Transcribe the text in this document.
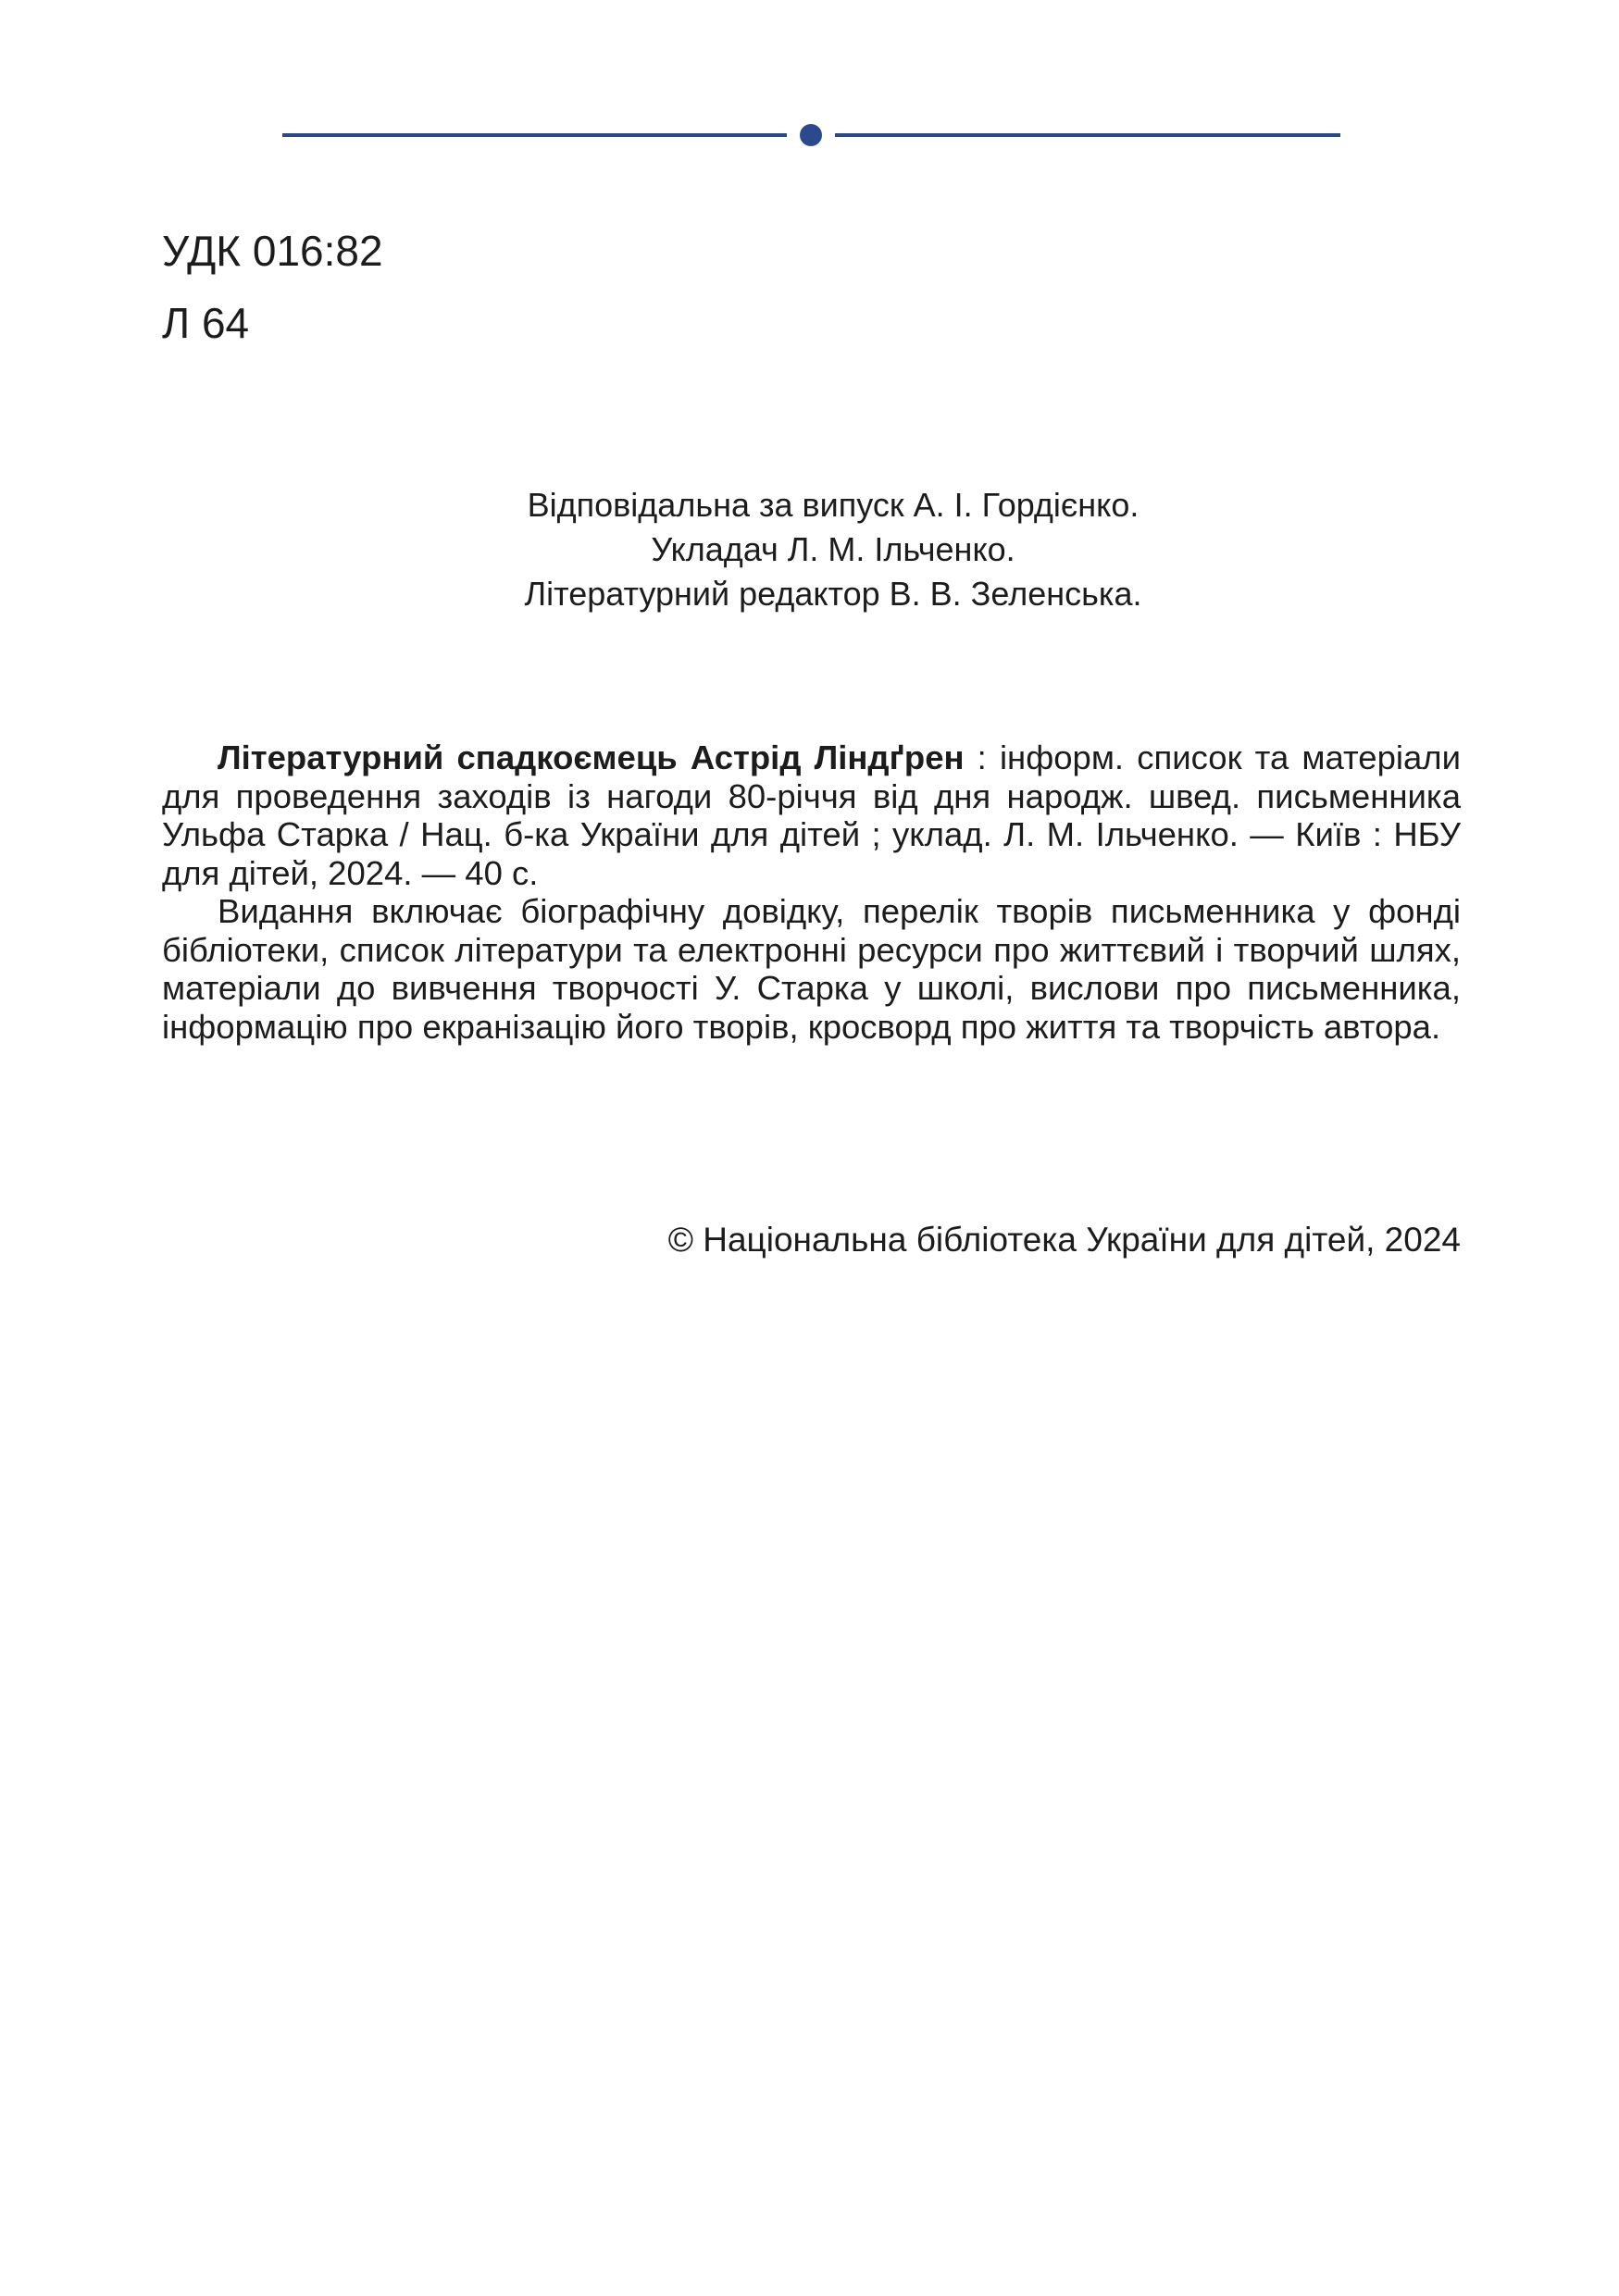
УДК 016:82
Л 64
Відповідальна за випуск А. І. Гордієнко.
Укладач Л. М. Ільченко.
Літературний редактор В. В. Зеленська.

Літературний спадкоємець Астрід Ліндґрен : інформ. список та матеріали для проведення заходів із нагоди 80-річчя від дня народж. швед. письменника Ульфа Старка / Нац. б-ка України для дітей ; уклад. Л. М. Ільченко. — Київ : НБУ для дітей, 2024. — 40 с.

Видання включає біографічну довідку, перелік творів письменника у фонді бібліотеки, список літератури та електронні ресурси про життєвий і творчий шлях, матеріали до вивчення творчості У. Старка у школі, вислови про письменника, інформацію про екранізацію його творів, кросворд про життя та творчість автора.

© Національна бібліотека України для дітей, 2024
